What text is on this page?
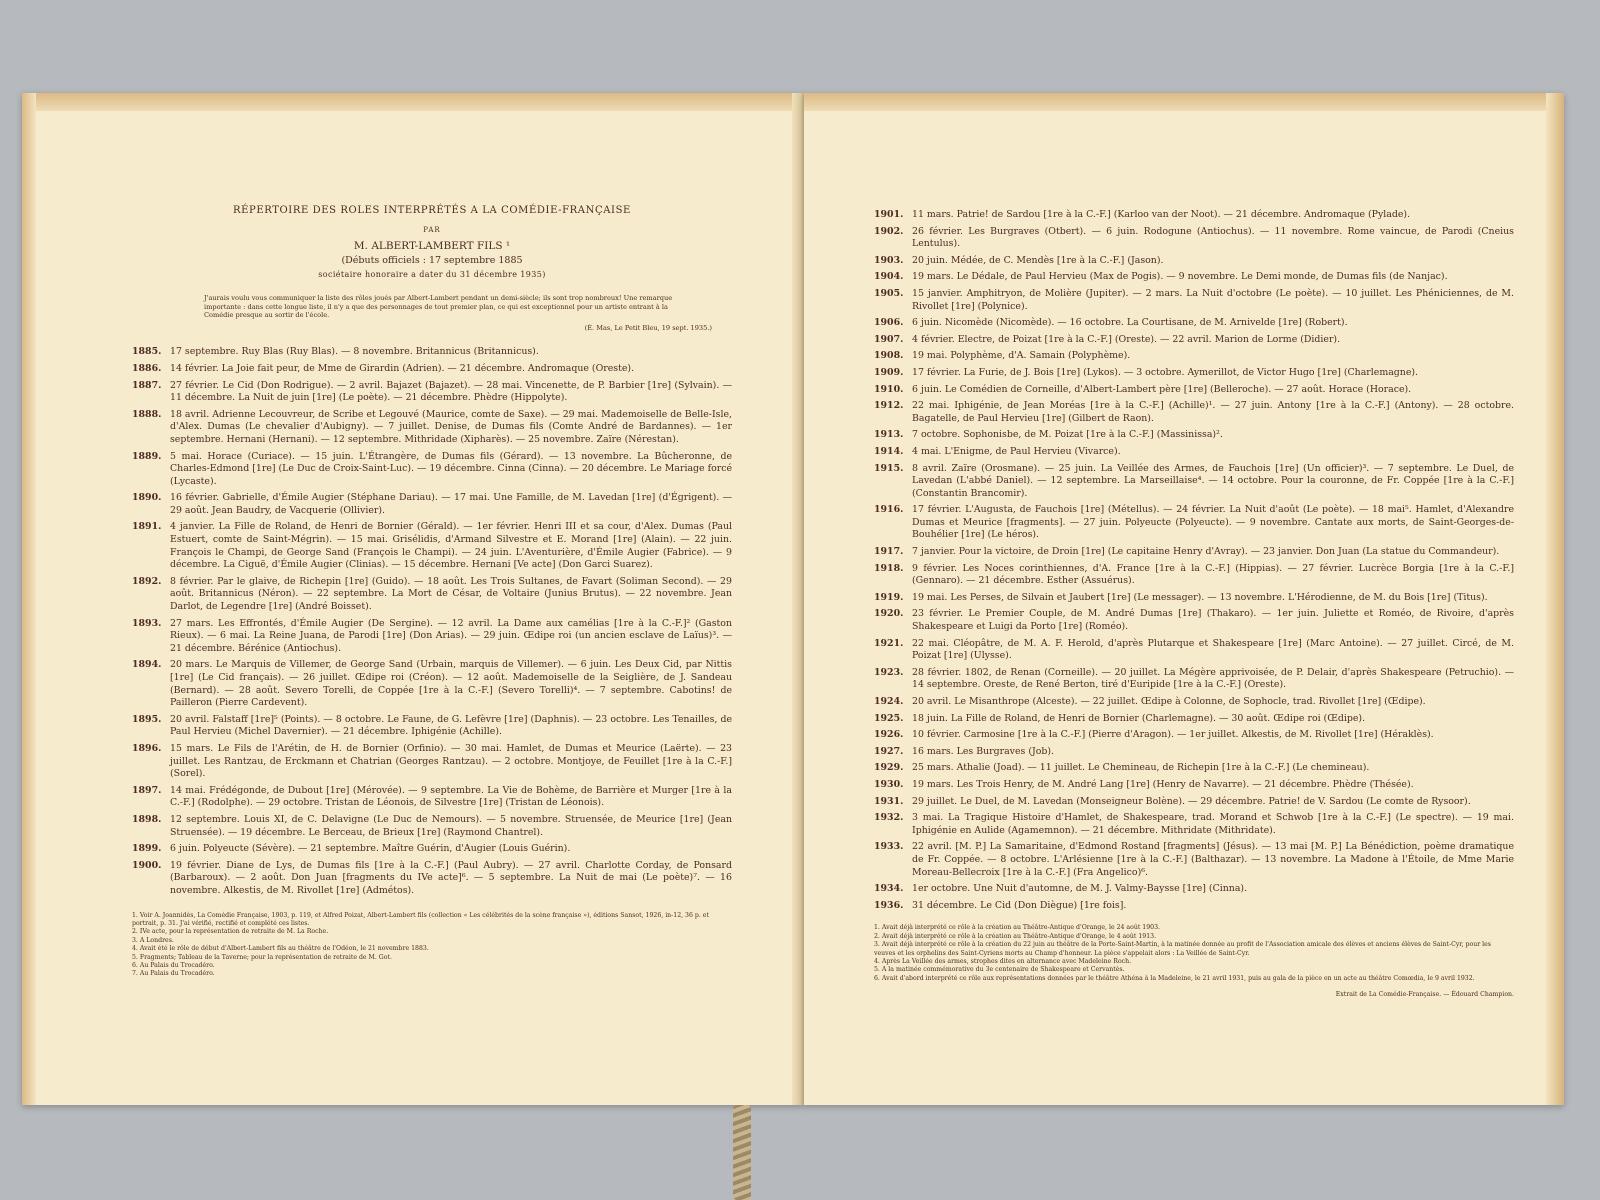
RÉPERTOIRE DES ROLES INTERPRÉTÉS A LA COMÉDIE-FRANÇAISE

PAR

M. ALBERT-LAMBERT FILS ¹

(Débuts officiels : 17 septembre 1885

sociétaire honoraire a dater du 31 décembre 1935)

J'aurais voulu vous communiquer la liste des rôles joués par Albert-Lambert pendant un demi-siècle; ils sont trop nombreux! Une remarque importante : dans cette longue liste, il n'y a que des personnages de tout premier plan, ce qui est exceptionnel pour un artiste entrant à la Comédie presque au sortir de l'école.

(É. Mas, Le Petit Bleu, 19 sept. 1935.)

1885. 17 septembre. Ruy Blas (Ruy Blas). — 8 novembre. Britannicus (Britannicus).
1886. 14 février. La Joie fait peur, de Mme de Girardin (Adrien). — 21 décembre. Andromaque (Oreste).
1887. 27 février. Le Cid (Don Rodrigue). — 2 avril. Bajazet (Bajazet). — 28 mai. Vincenette, de P. Barbier [1re] (Sylvain). — 11 décembre. La Nuit de juin [1re] (Le poète). — 21 décembre. Phèdre (Hippolyte).
1888. 18 avril. Adrienne Lecouvreur, de Scribe et Legouvé (Maurice, comte de Saxe). — 29 mai. Mademoiselle de Belle-Isle, d'Alex. Dumas (Le chevalier d'Aubigny). — 7 juillet. Denise, de Dumas fils (Comte André de Bardannes). — 1er septembre. Hernani (Hernani). — 12 septembre. Mithridade (Xipharès). — 25 novembre. Zaïre (Nérestan).
1889. 5 mai. Horace (Curiace). — 15 juin. L'Étrangère, de Dumas fils (Gérard). — 13 novembre. La Bûcheronne, de Charles-Edmond [1re] (Le Duc de Croix-Saint-Luc). — 19 décembre. Cinna (Cinna). — 20 décembre. Le Mariage forcé (Lycaste).
1890. 16 février. Gabrielle, d'Émile Augier (Stéphane Dariau). — 17 mai. Une Famille, de M. Lavedan [1re] (d'Égrigent). — 29 août. Jean Baudry, de Vacquerie (Ollivier).
1891. 4 janvier. La Fille de Roland, de Henri de Bornier (Gérald). — 1er février. Henri III et sa cour, d'Alex. Dumas (Paul Estuert, comte de Saint-Mégrin). — 15 mai. Grisélidis, d'Armand Silvestre et E. Morand [1re] (Alain). — 22 juin. François le Champi, de George Sand (François le Champi). — 24 juin. L'Aventurière, d'Émile Augier (Fabrice). — 9 décembre. La Ciguë, d'Émile Augier (Clinias). — 15 décembre. Hernani [Ve acte] (Don Garci Suarez).
1892. 8 février. Par le glaive, de Richepin [1re] (Guido). — 18 août. Les Trois Sultanes, de Favart (Soliman Second). — 29 août. Britannicus (Néron). — 22 septembre. La Mort de César, de Voltaire (Junius Brutus). — 22 novembre. Jean Darlot, de Legendre [1re] (André Boisset).
1893. 27 mars. Les Effrontés, d'Émile Augier (De Sergine). — 12 avril. La Dame aux camélias [1re à la C.-F.]² (Gaston Rieux). — 6 mai. La Reine Juana, de Parodi [1re] (Don Arias). — 29 juin. Œdipe roi (un ancien esclave de Laïus)³. — 21 décembre. Bérénice (Antiochus).
1894. 20 mars. Le Marquis de Villemer, de George Sand (Urbain, marquis de Villemer). — 6 juin. Les Deux Cid, par Nittis [1re] (Le Cid français). — 26 juillet. Œdipe roi (Créon). — 12 août. Mademoiselle de la Seiglière, de J. Sandeau (Bernard). — 28 août. Severo Torelli, de Coppée [1re à la C.-F.] (Severo Torelli)⁴. — 7 septembre. Cabotins! de Pailleron (Pierre Cardevent).
1895. 20 avril. Falstaff [1re]⁵ (Points). — 8 octobre. Le Faune, de G. Lefèvre [1re] (Daphnis). — 23 octobre. Les Tenailles, de Paul Hervieu (Michel Davernier). — 21 décembre. Iphigénie (Achille).
1896. 15 mars. Le Fils de l'Arétin, de H. de Bornier (Orfinio). — 30 mai. Hamlet, de Dumas et Meurice (Laërte). — 23 juillet. Les Rantzau, de Erckmann et Chatrian (Georges Rantzau). — 2 octobre. Montjoye, de Feuillet [1re à la C.-F.] (Sorel).
1897. 14 mai. Frédégonde, de Dubout [1re] (Mérovée). — 9 septembre. La Vie de Bohème, de Barrière et Murger [1re à la C.-F.] (Rodolphe). — 29 octobre. Tristan de Léonois, de Silvestre [1re] (Tristan de Léonois).
1898. 12 septembre. Louis XI, de C. Delavigne (Le Duc de Nemours). — 5 novembre. Struensée, de Meurice [1re] (Jean Struensée). — 19 décembre. Le Berceau, de Brieux [1re] (Raymond Chantrel).
1899. 6 juin. Polyeucte (Sévère). — 21 septembre. Maître Guérin, d'Augier (Louis Guérin).
1900. 19 février. Diane de Lys, de Dumas fils [1re à la C.-F.] (Paul Aubry). — 27 avril. Charlotte Corday, de Ponsard (Barbaroux). — 2 août. Don Juan [fragments du IVe acte]⁶. — 5 septembre. La Nuit de mai (Le poète)⁷. — 16 novembre. Alkestis, de M. Rivollet [1re] (Admétos).
1. Voir A. Joannidès, La Comédie Française, 1903, p. 119, et Alfred Poizat, Albert-Lambert fils (collection « Les célébrités de la scène française »), éditions Sansot, 1926, in-12, 36 p. et portrait, p. 31. J'ai vérifié, rectifié et complété ces listes.
2. IVe acte, pour la représentation de retraite de M. La Roche.
3. A Londres.
4. Avait été le rôle de début d'Albert-Lambert fils au théâtre de l'Odéon, le 21 novembre 1883.
5. Fragments; Tableau de la Taverne; pour la représentation de retraite de M. Got.
6. Au Palais du Trocadéro.
7. Au Palais du Trocadéro.
1901. 11 mars. Patrie! de Sardou [1re à la C.-F.] (Karloo van der Noot). — 21 décembre. Andromaque (Pylade).
1902. 26 février. Les Burgraves (Otbert). — 6 juin. Rodogune (Antiochus). — 11 novembre. Rome vaincue, de Parodi (Cneius Lentulus).
1903. 20 juin. Médée, de C. Mendès [1re à la C.-F.] (Jason).
1904. 19 mars. Le Dédale, de Paul Hervieu (Max de Pogis). — 9 novembre. Le Demi monde, de Dumas fils (de Nanjac).
1905. 15 janvier. Amphitryon, de Molière (Jupiter). — 2 mars. La Nuit d'octobre (Le poète). — 10 juillet. Les Phéniciennes, de M. Rivollet [1re] (Polynice).
1906. 6 juin. Nicomède (Nicomède). — 16 octobre. La Courtisane, de M. Arnivelde [1re] (Robert).
1907. 4 février. Electre, de Poizat [1re à la C.-F.] (Oreste). — 22 avril. Marion de Lorme (Didier).
1908. 19 mai. Polyphème, d'A. Samain (Polyphème).
1909. 17 février. La Furie, de J. Bois [1re] (Lykos). — 3 octobre. Aymerillot, de Victor Hugo [1re] (Charlemagne).
1910. 6 juin. Le Comédien de Corneille, d'Albert-Lambert père [1re] (Belleroche). — 27 août. Horace (Horace).
1912. 22 mai. Iphigénie, de Jean Moréas [1re à la C.-F.] (Achille)¹. — 27 juin. Antony [1re à la C.-F.] (Antony). — 28 octobre. Bagatelle, de Paul Hervieu [1re] (Gilbert de Raon).
1913. 7 octobre. Sophonisbe, de M. Poizat [1re à la C.-F.] (Massinissa)².
1914. 4 mai. L'Enigme, de Paul Hervieu (Vivarce).
1915. 8 avril. Zaïre (Orosmane). — 25 juin. La Veillée des Armes, de Fauchois [1re] (Un officier)³. — 7 septembre. Le Duel, de Lavedan (L'abbé Daniel). — 12 septembre. La Marseillaise⁴. — 14 octobre. Pour la couronne, de Fr. Coppée [1re à la C.-F.] (Constantin Brancomir).
1916. 17 février. L'Augusta, de Fauchois [1re] (Métellus). — 24 février. La Nuit d'août (Le poète). — 18 mai⁵. Hamlet, d'Alexandre Dumas et Meurice [fragments]. — 27 juin. Polyeucte (Polyeucte). — 9 novembre. Cantate aux morts, de Saint-Georges-de-Bouhélier [1re] (Le héros).
1917. 7 janvier. Pour la victoire, de Droin [1re] (Le capitaine Henry d'Avray). — 23 janvier. Don Juan (La statue du Commandeur).
1918. 9 février. Les Noces corinthiennes, d'A. France [1re à la C.-F.] (Hippias). — 27 février. Lucrèce Borgia [1re à la C.-F.] (Gennaro). — 21 décembre. Esther (Assuérus).
1919. 19 mai. Les Perses, de Silvain et Jaubert [1re] (Le messager). — 13 novembre. L'Hérodienne, de M. du Bois [1re] (Titus).
1920. 23 février. Le Premier Couple, de M. André Dumas [1re] (Thakaro). — 1er juin. Juliette et Roméo, de Rivoire, d'après Shakespeare et Luigi da Porto [1re] (Roméo).
1921. 22 mai. Cléopâtre, de M. A. F. Herold, d'après Plutarque et Shakespeare [1re] (Marc Antoine). — 27 juillet. Circé, de M. Poizat [1re] (Ulysse).
1923. 28 février. 1802, de Renan (Corneille). — 20 juillet. La Mégère apprivoisée, de P. Delair, d'après Shakespeare (Petruchio). — 14 septembre. Oreste, de René Berton, tiré d'Euripide [1re à la C.-F.] (Oreste).
1924. 20 avril. Le Misanthrope (Alceste). — 22 juillet. Œdipe à Colonne, de Sophocle, trad. Rivollet [1re] (Œdipe).
1925. 18 juin. La Fille de Roland, de Henri de Bornier (Charlemagne). — 30 août. Œdipe roi (Œdipe).
1926. 10 février. Carmosine [1re à la C.-F.] (Pierre d'Aragon). — 1er juillet. Alkestis, de M. Rivollet [1re] (Héraklès).
1927. 16 mars. Les Burgraves (Job).
1929. 25 mars. Athalie (Joad). — 11 juillet. Le Chemineau, de Richepin [1re à la C.-F.] (Le chemineau).
1930. 19 mars. Les Trois Henry, de M. André Lang [1re] (Henry de Navarre). — 21 décembre. Phèdre (Thésée).
1931. 29 juillet. Le Duel, de M. Lavedan (Monseigneur Bolène). — 29 décembre. Patrie! de V. Sardou (Le comte de Rysoor).
1932. 3 mai. La Tragique Histoire d'Hamlet, de Shakespeare, trad. Morand et Schwob [1re à la C.-F.] (Le spectre). — 19 mai. Iphigénie en Aulide (Agamemnon). — 21 décembre. Mithridate (Mithridate).
1933. 22 avril. [M. P.] La Samaritaine, d'Edmond Rostand [fragments] (Jésus). — 13 mai [M. P.] La Bénédiction, poème dramatique de Fr. Coppée. — 8 octobre. L'Arlésienne [1re à la C.-F.] (Balthazar). — 13 novembre. La Madone à l'Étoile, de Mme Marie Moreau-Bellecroix [1re à la C.-F.] (Fra Angelico)⁶.
1934. 1er octobre. Une Nuit d'automne, de M. J. Valmy-Baysse [1re] (Cinna).
1936. 31 décembre. Le Cid (Don Diègue) [1re fois].
1. Avait déjà interprété ce rôle à la création au Théâtre-Antique d'Orange, le 24 août 1903.
2. Avait déjà interprété ce rôle à la création au Théâtre-Antique d'Orange, le 4 août 1913.
3. Avait déjà interprété ce rôle à la création du 22 juin au théâtre de la Porte-Saint-Martin, à la matinée donnée au profit de l'Association amicale des élèves et anciens élèves de Saint-Cyr, pour les veuves et les orphelins des Saint-Cyriens morts au Champ d'honneur. La pièce s'appelait alors : La Veillée de Saint-Cyr.
4. Après La Veillée des armes, strophes dites en alternance avec Madeleine Roch.
5. A la matinée commémorative du 3e centenaire de Shakespeare et Cervantès.
6. Avait d'abord interprété ce rôle aux représentations données par le théâtre Athéna à la Madeleine, le 21 avril 1931, puis au gala de la pièce en un acte au théâtre Comœdia, le 9 avril 1932.

Extrait de La Comédie-Française. — Édouard Champion.
